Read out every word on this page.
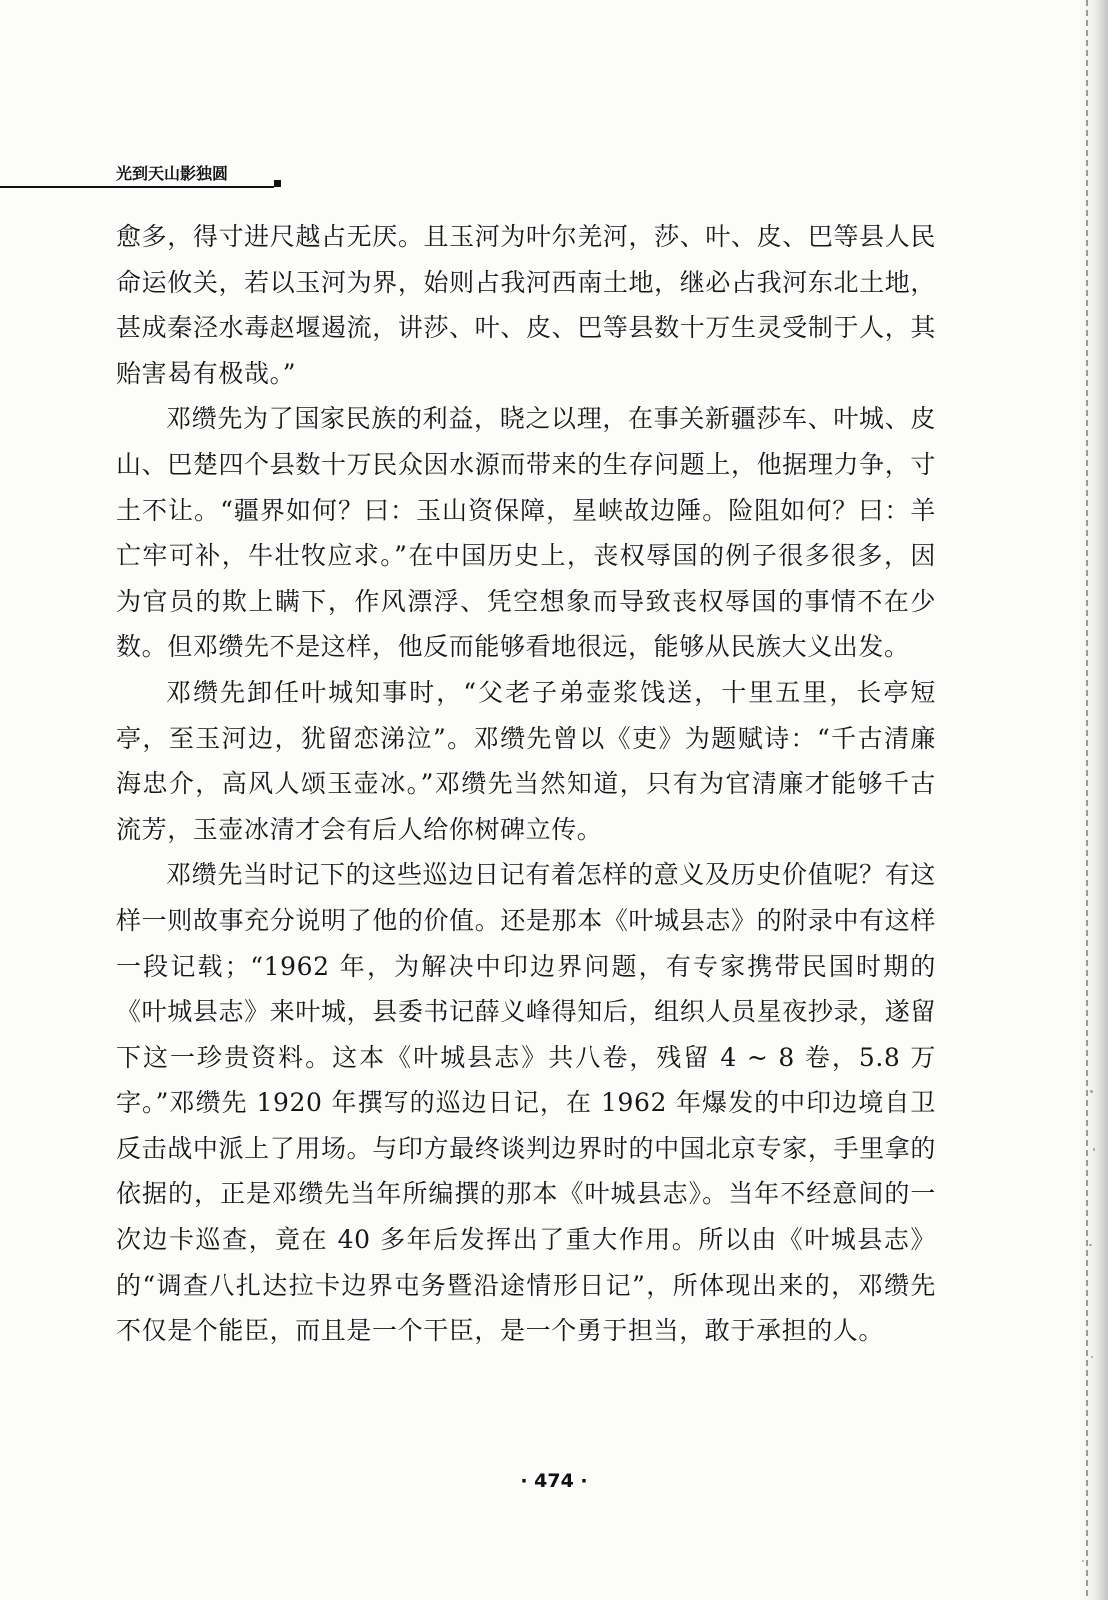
光到天山影独圆

愈多，得寸进尺越占无厌。且玉河为叶尔羌河，莎、叶、皮、巴等县人民命运攸关，若以玉河为界，始则占我河西南土地，继必占我河东北土地，甚成秦泾水毒赵堰遏流，讲莎、叶、皮、巴等县数十万生灵受制于人，其贻害曷有极哉。”

邓缵先为了国家民族的利益，晓之以理，在事关新疆莎车、叶城、皮山、巴楚四个县数十万民众因水源而带来的生存问题上，他据理力争，寸土不让。“疆界如何？曰：玉山资保障，星峡故边陲。险阻如何？曰：羊亡牢可补，牛壮牧应求。”在中国历史上，丧权辱国的例子很多很多，因为官员的欺上瞒下，作风漂浮、凭空想象而导致丧权辱国的事情不在少数。但邓缵先不是这样，他反而能够看地很远，能够从民族大义出发。

邓缵先卸任叶城知事时，“父老子弟壶浆饯送，十里五里，长亭短亭，至玉河边，犹留恋涕泣”。邓缵先曾以《吏》为题赋诗：“千古清廉海忠介，高风人颂玉壶冰。”邓缵先当然知道，只有为官清廉才能够千古流芳，玉壶冰清才会有后人给你树碑立传。

邓缵先当时记下的这些巡边日记有着怎样的意义及历史价值呢？有这样一则故事充分说明了他的价值。还是那本《叶城县志》的附录中有这样一段记载；“1962 年，为解决中印边界问题，有专家携带民国时期的《叶城县志》来叶城，县委书记薛义峰得知后，组织人员星夜抄录，遂留下这一珍贵资料。这本《叶城县志》共八卷，残留 4 ~ 8 卷，5.8 万字。”邓缵先 1920 年撰写的巡边日记，在 1962 年爆发的中印边境自卫反击战中派上了用场。与印方最终谈判边界时的中国北京专家，手里拿的依据的，正是邓缵先当年所编撰的那本《叶城县志》。当年不经意间的一次边卡巡查，竟在 40 多年后发挥出了重大作用。所以由《叶城县志》的“调查八扎达拉卡边界屯务暨沿途情形日记”，所体现出来的，邓缵先不仅是个能臣，而且是一个干臣，是一个勇于担当，敢于承担的人。

· 474 ·
